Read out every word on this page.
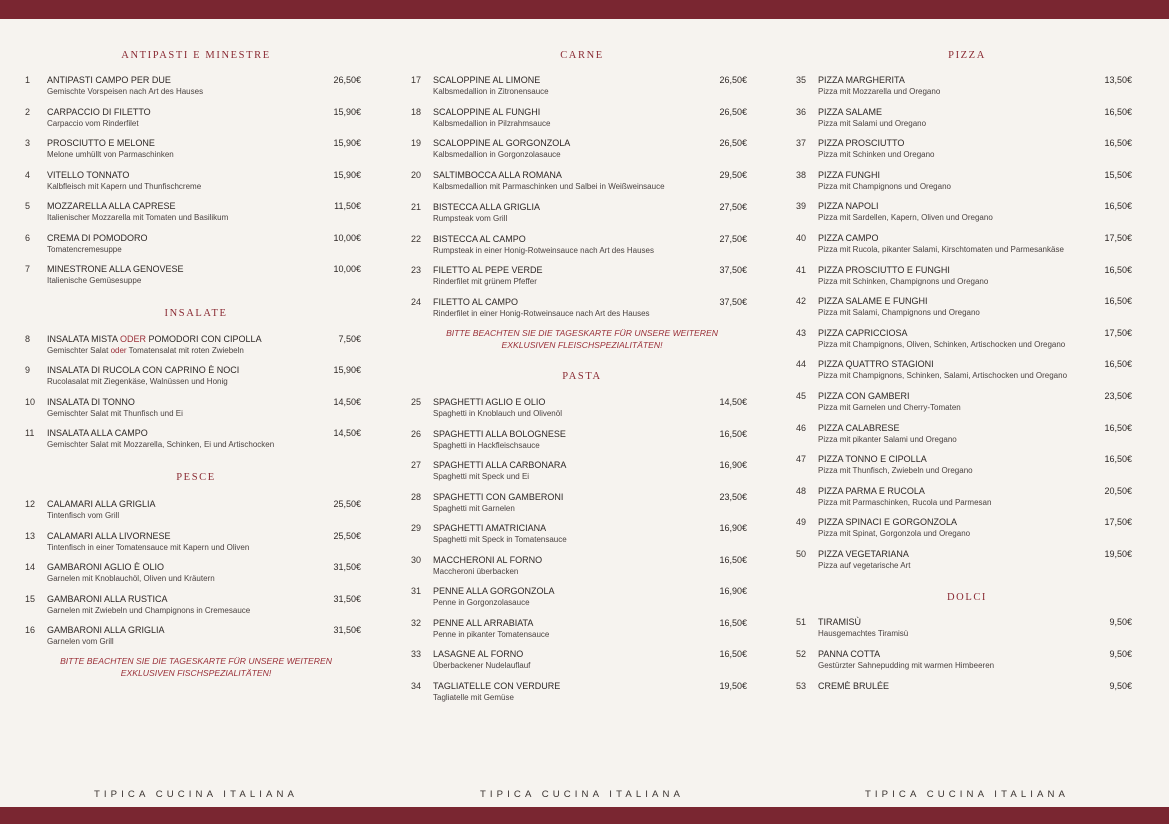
ANTIPASTI E MINESTRE
1 ANTIPASTI CAMPO PER DUE	26,50€
Gemischte Vorspeisen nach Art des Hauses
2 CARPACCIO DI FILETTO	15,90€
Carpaccio vom Rinderfilet
3 PROSCIUTTO E MELONE	15,90€
Melone umhüllt von Parmaschinken
4 VITELLO TONNATO	15,90€
Kalbfleisch mit Kapern und Thunfischcreme
5 MOZZARELLA ALLA CAPRESE	11,50€
Italienischer Mozzarella mit Tomaten und Basilikum
6 CREMA DI POMODORO	10,00€
Tomatencremesuppe
7 MINESTRONE ALLA GENOVESE	10,00€
Italienische Gemüsesuppe
INSALATE
8 INSALATA MISTA ODER POMODORI CON CIPOLLA	7,50€
Gemischter Salat oder Tomatensalat mit roten Zwiebeln
9 INSALATA DI RUCOLA CON CAPRINO È NOCI	15,90€
Rucolasalat mit Ziegenkäse, Walnüssen und Honig
10 INSALATA DI TONNO	14,50€
Gemischter Salat mit Thunfisch und Ei
11 INSALATA ALLA CAMPO	14,50€
Gemischter Salat mit Mozzarella, Schinken, Ei und Artischocken
PESCE
12 CALAMARI ALLA GRIGLIA	25,50€
Tintenfisch vom Grill
13 CALAMARI ALLA LIVORNESE	25,50€
Tintenfisch in einer Tomatensauce mit Kapern und Oliven
14 GAMBARONI AGLIO È OLIO	31,50€
Garnelen mit Knoblauchöl, Oliven und Kräutern
15 GAMBARONI ALLA RUSTICA	31,50€
Garnelen mit Zwiebeln und Champignons in Cremesauce
16 GAMBARONI ALLA GRIGLIA	31,50€
Garnelen vom Grill
BITTE BEACHTEN SIE DIE TAGESKARTE FÜR UNSERE WEITEREN
EXKLUSIVEN FISCHSPEZIALITÄTEN!
CARNE
17 SCALOPPINE AL LIMONE	26,50€
Kalbsmedallion in Zitronensauce
18 SCALOPPINE AL FUNGHI	26,50€
Kalbsmedallion in Pilzrahmsauce
19 SCALOPPINE AL GORGONZOLA	26,50€
Kalbsmedallion in Gorgonzolasauce
20 SALTIMBOCCA ALLA ROMANA	29,50€
Kalbsmedallion mit Parmaschinken und Salbei in Weißweinsauce
21 BISTECCA ALLA GRIGLIA	27,50€
Rumpsteak vom Grill
22 BISTECCA AL CAMPO	27,50€
Rumpsteak in einer Honig-Rotweinsauce nach Art des Hauses
23 FILETTO AL PEPE VERDE	37,50€
Rinderfilet mit grünem Pfeffer
24 FILETTO AL CAMPO	37,50€
Rinderfilet in einer Honig-Rotweinsauce nach Art des Hauses
BITTE BEACHTEN SIE DIE TAGESKARTE FÜR UNSERE WEITEREN
EXKLUSIVEN FLEISCHSPEZIALITÄTEN!
PASTA
25 SPAGHETTI AGLIO E OLIO	14,50€
Spaghetti in Knoblauch und Olivenöl
26 SPAGHETTI ALLA BOLOGNESE	16,50€
Spaghetti in Hackfleischsauce
27 SPAGHETTI ALLA CARBONARA	16,90€
Spaghetti mit Speck und Ei
28 SPAGHETTI CON GAMBERONI	23,50€
Spaghetti mit Garnelen
29 SPAGHETTI AMATRICIANA	16,90€
Spaghetti mit Speck in Tomatensauce
30 MACCHERONI AL FORNO	16,50€
Maccheroni überbacken
31 PENNE ALLA GORGONZOLA	16,90€
Penne in Gorgonzolasauce
32 PENNE ALL ARRABIATA	16,50€
Penne in pikanter Tomatensauce
33 LASAGNE AL FORNO	16,50€
Überbackener Nudelauflauf
34 TAGLIATELLE CON VERDURE	19,50€
Tagliatelle mit Gemüse
PIZZA
35 PIZZA MARGHERITA	13,50€
Pizza mit Mozzarella und Oregano
36 PIZZA SALAME	16,50€
Pizza mit Salami und Oregano
37 PIZZA PROSCIUTTO	16,50€
Pizza mit Schinken und Oregano
38 PIZZA FUNGHI	15,50€
Pizza mit Champignons und Oregano
39 PIZZA NAPOLI	16,50€
Pizza mit Sardellen, Kapern, Oliven und Oregano
40 PIZZA CAMPO	17,50€
Pizza mit Rucola, pikanter Salami, Kirschtomaten und Parmesankäse
41 PIZZA PROSCIUTTO E FUNGHI	16,50€
Pizza mit Schinken, Champignons und Oregano
42 PIZZA SALAME E FUNGHI	16,50€
Pizza mit Salami, Champignons und Oregano
43 PIZZA CAPRICCIOSA	17,50€
Pizza mit Champignons, Oliven, Schinken, Artischocken und Oregano
44 PIZZA QUATTRO STAGIONI	16,50€
Pizza mit Champignons, Schinken, Salami, Artischocken und Oregano
45 PIZZA CON GAMBERI	23,50€
Pizza mit Garnelen und Cherry-Tomaten
46 PIZZA CALABRESE	16,50€
Pizza mit pikanter Salami und Oregano
47 PIZZA TONNO E CIPOLLA	16,50€
Pizza mit Thunfisch, Zwiebeln und Oregano
48 PIZZA PARMA E RUCOLA	20,50€
Pizza mit Parmaschinken, Rucola und Parmesan
49 PIZZA SPINACI E GORGONZOLA	17,50€
Pizza mit Spinat, Gorgonzola und Oregano
50 PIZZA VEGETARIANA	19,50€
Pizza auf vegetarische Art
DOLCI
51 TIRAMISÙ	9,50€
Hausgemachtes Tiramisù
52 PANNA COTTA	9,50€
Gestürzter Sahnepudding mit warmen Himbeeren
53 CREMÈ BRULÉE	9,50€
TIPICA CUCINA ITALIANA	TIPICA CUCINA ITALIANA	TIPICA CUCINA ITALIANA
